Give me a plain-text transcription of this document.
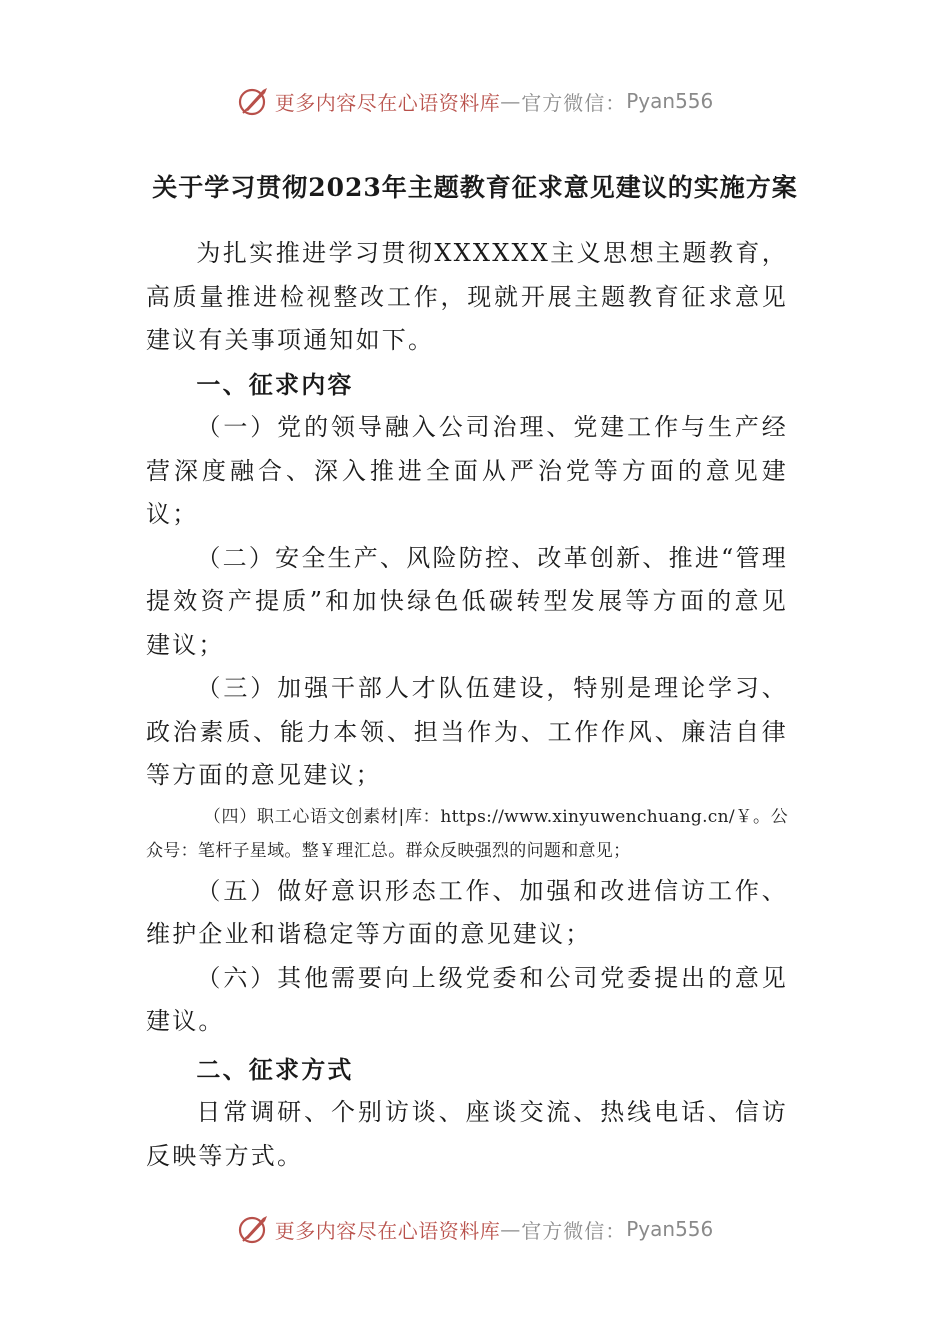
更多内容尽在心语资料库 — 官方微信： Pyan556
关于学习贯彻2023年主题教育征求意见建议的实施方案

为扎实推进学习贯彻XXXXXX主义思想主题教育，高质量推进检视整改工作，现就开展主题教育征求意见建议有关事项通知如下。

一、征求内容

（一）党的领导融入公司治理、党建工作与生产经营深度融合、深入推进全面从严治党等方面的意见建议；

（二）安全生产、风险防控、改革创新、推进“管理提效资产提质”和加快绿色低碳转型发展等方面的意见建议；

（三）加强干部人才队伍建设，特别是理论学习、政治素质、能力本领、担当作为、工作作风、廉洁自律等方面的意见建议；

（四）职工心语文创素材|库：https://www.xinyuwenchuang.cn/￥。公众号：笔杆子星域。整￥理汇总。群众反映强烈的问题和意见；

（五）做好意识形态工作、加强和改进信访工作、维护企业和谐稳定等方面的意见建议；

（六）其他需要向上级党委和公司党委提出的意见建议。

二、征求方式

日常调研、个别访谈、座谈交流、热线电话、信访反映等方式。

更多内容尽在心语资料库 — 官方微信： Pyan556
